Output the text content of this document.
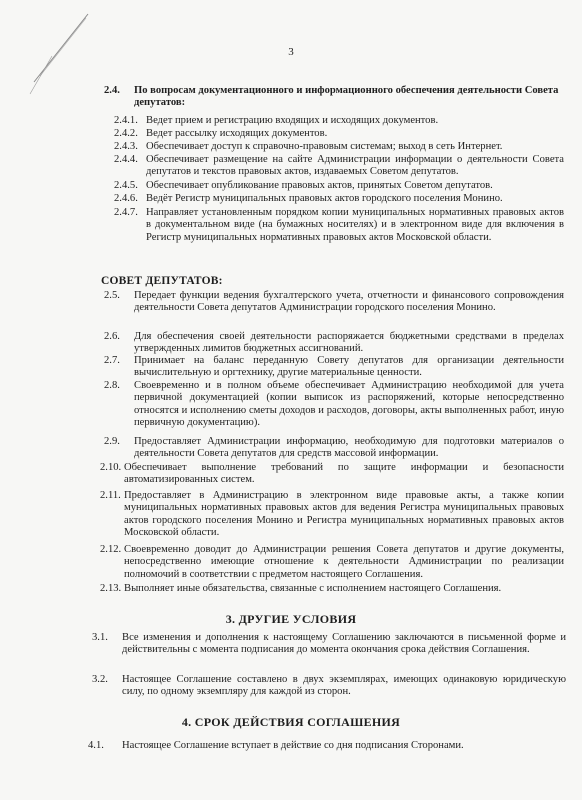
3
2.4. По вопросам документационного и информационного обеспечения деятельности Совета депутатов:
2.4.1. Ведет прием и регистрацию входящих и исходящих документов.
2.4.2. Ведет рассылку исходящих документов.
2.4.3. Обеспечивает доступ к справочно-правовым системам; выход в сеть Интернет.
2.4.4. Обеспечивает размещение на сайте Администрации информации о деятельности Совета депутатов и текстов правовых актов, издаваемых Советом депутатов.
2.4.5. Обеспечивает опубликование правовых актов, принятых Советом депутатов.
2.4.6. Ведёт Регистр муниципальных правовых актов городского поселения Монино.
2.4.7. Направляет установленным порядком копии муниципальных нормативных правовых актов в документальном виде (на бумажных носителях) и в электронном виде для включения в Регистр муниципальных нормативных правовых актов Московской области.
СОВЕТ ДЕПУТАТОВ:
2.5. Передает функции ведения бухгалтерского учета, отчетности и финансового сопровождения деятельности Совета депутатов Администрации городского поселения Монино.
2.6. Для обеспечения своей деятельности распоряжается бюджетными средствами в пределах утвержденных лимитов бюджетных ассигнований.
2.7. Принимает на баланс переданную Совету депутатов для организации деятельности вычислительную и оргтехнику, другие материальные ценности.
2.8. Своевременно и в полном объеме обеспечивает Администрацию необходимой для учета первичной документацией (копии выписок из распоряжений, которые непосредственно относятся и исполнению сметы доходов и расходов, договоры, акты выполненных работ, иную первичную документацию).
2.9. Предоставляет Администрации информацию, необходимую для подготовки материалов о деятельности Совета депутатов для средств массовой информации.
2.10. Обеспечивает выполнение требований по защите информации и безопасности автоматизированных систем.
2.11. Предоставляет в Администрацию в электронном виде правовые акты, а также копии муниципальных нормативных правовых актов для ведения Регистра муниципальных правовых актов городского поселения Монино и Регистра муниципальных нормативных правовых актов Московской области.
2.12. Своевременно доводит до Администрации решения Совета депутатов и другие документы, непосредственно имеющие отношение к деятельности Администрации по реализации полномочий в соответствии с предметом настоящего Соглашения.
2.13. Выполняет иные обязательства, связанные с исполнением настоящего Соглашения.
3. ДРУГИЕ УСЛОВИЯ
3.1. Все изменения и дополнения к настоящему Соглашению заключаются в письменной форме и действительны с момента подписания до момента окончания срока действия Соглашения.
3.2. Настоящее Соглашение составлено в двух экземплярах, имеющих одинаковую юридическую силу, по одному экземпляру для каждой из сторон.
4. СРОК ДЕЙСТВИЯ СОГЛАШЕНИЯ
4.1. Настоящее Соглашение вступает в действие со дня подписания Сторонами.
